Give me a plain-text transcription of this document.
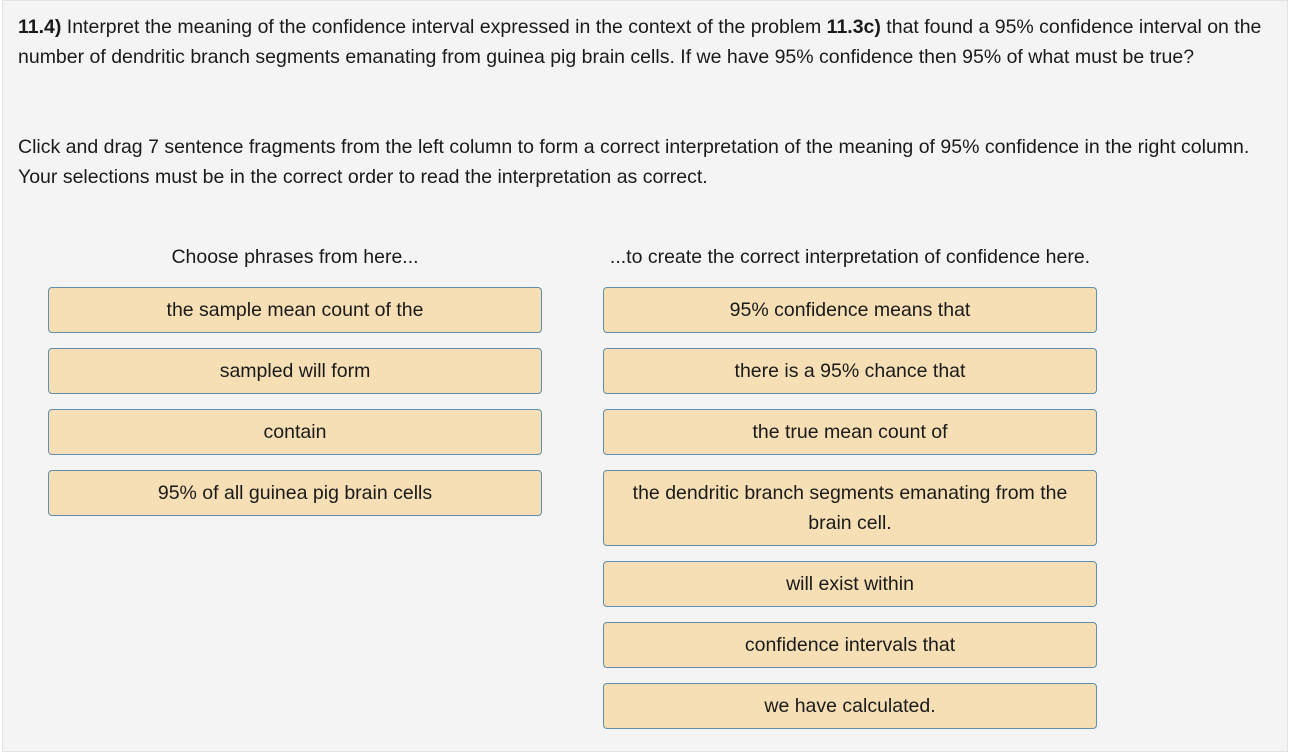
11.4) Interpret the meaning of the confidence interval expressed in the context of the problem 11.3c) that found a 95% confidence interval on the number of dendritic branch segments emanating from guinea pig brain cells. If we have 95% confidence then 95% of what must be true?
Click and drag 7 sentence fragments from the left column to form a correct interpretation of the meaning of 95% confidence in the right column. Your selections must be in the correct order to read the interpretation as correct.
Choose phrases from here...	...to create the correct interpretation of confidence here.
the sample mean count of the
sampled will form
contain
95% of all guinea pig brain cells
95% confidence means that
there is a 95% chance that
the true mean count of
the dendritic branch segments emanating from the brain cell.
will exist within
confidence intervals that
we have calculated.
